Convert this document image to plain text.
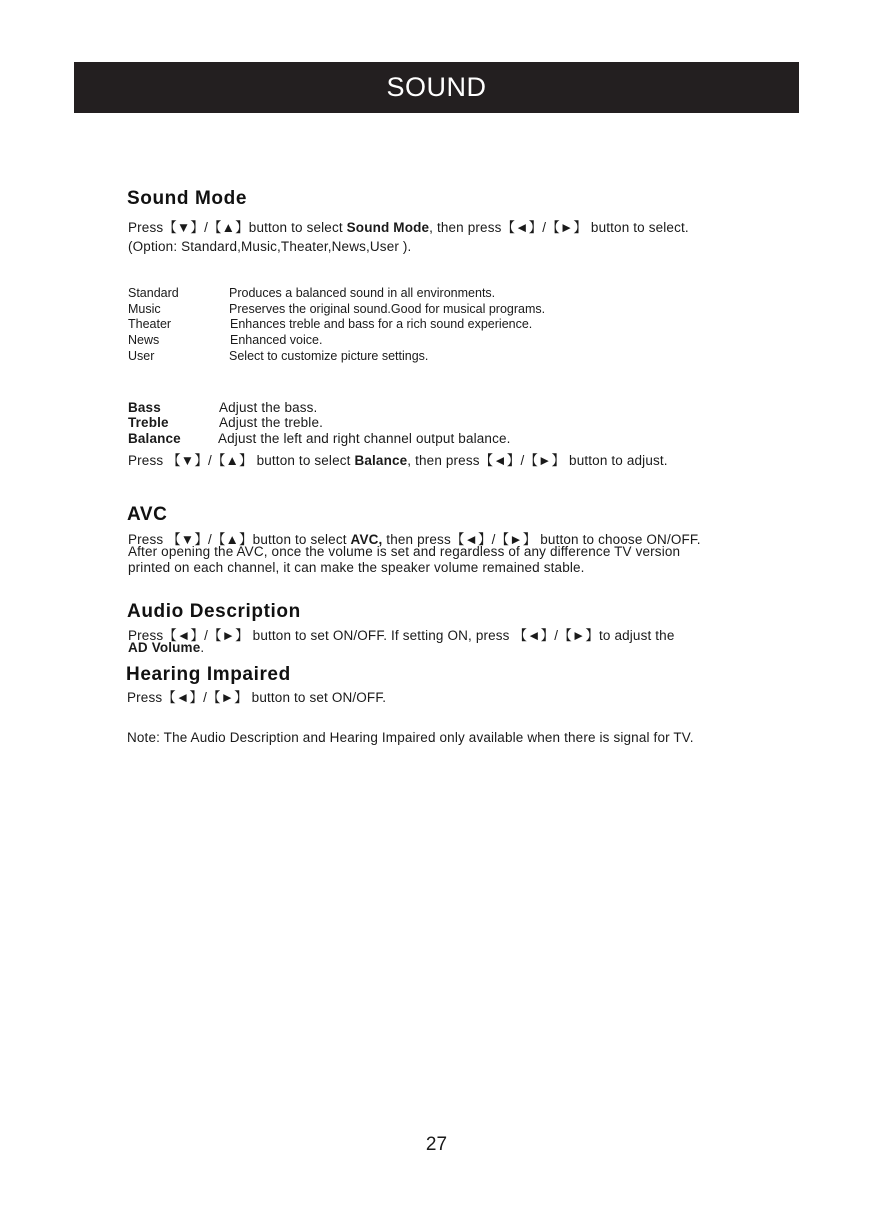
SOUND
Sound Mode
Press【▼】/【▲】button to select Sound Mode, then press【◄】/【►】 button to select.
(Option: Standard,Music,Theater,News,User ).
Standard	Produces a balanced sound in all environments.
Music	Preserves the original sound.Good for musical programs.
Theater	Enhances treble and bass for a rich sound experience.
News	Enhanced voice.
User	Select to customize picture settings.
Bass	Adjust the bass.
Treble	Adjust the treble.
Balance	Adjust the left and right channel output balance.
Press 【▼】/【▲】 button to select Balance, then press【◄】/【►】 button to adjust.
AVC
Press 【▼】/【▲】button to select AVC, then press【◄】/【►】 button to choose ON/OFF.
After opening the AVC, once the volume is set and regardless of any difference TV version
printed on each channel, it can make the speaker volume remained stable.
Audio Description
Press【◄】/【►】 button to set ON/OFF. If setting ON, press 【◄】/【►】to adjust the
AD Volume.
Hearing Impaired
Press【◄】/【►】 button to set ON/OFF.
Note: The Audio Description and Hearing Impaired only available when there is signal for TV.
27
